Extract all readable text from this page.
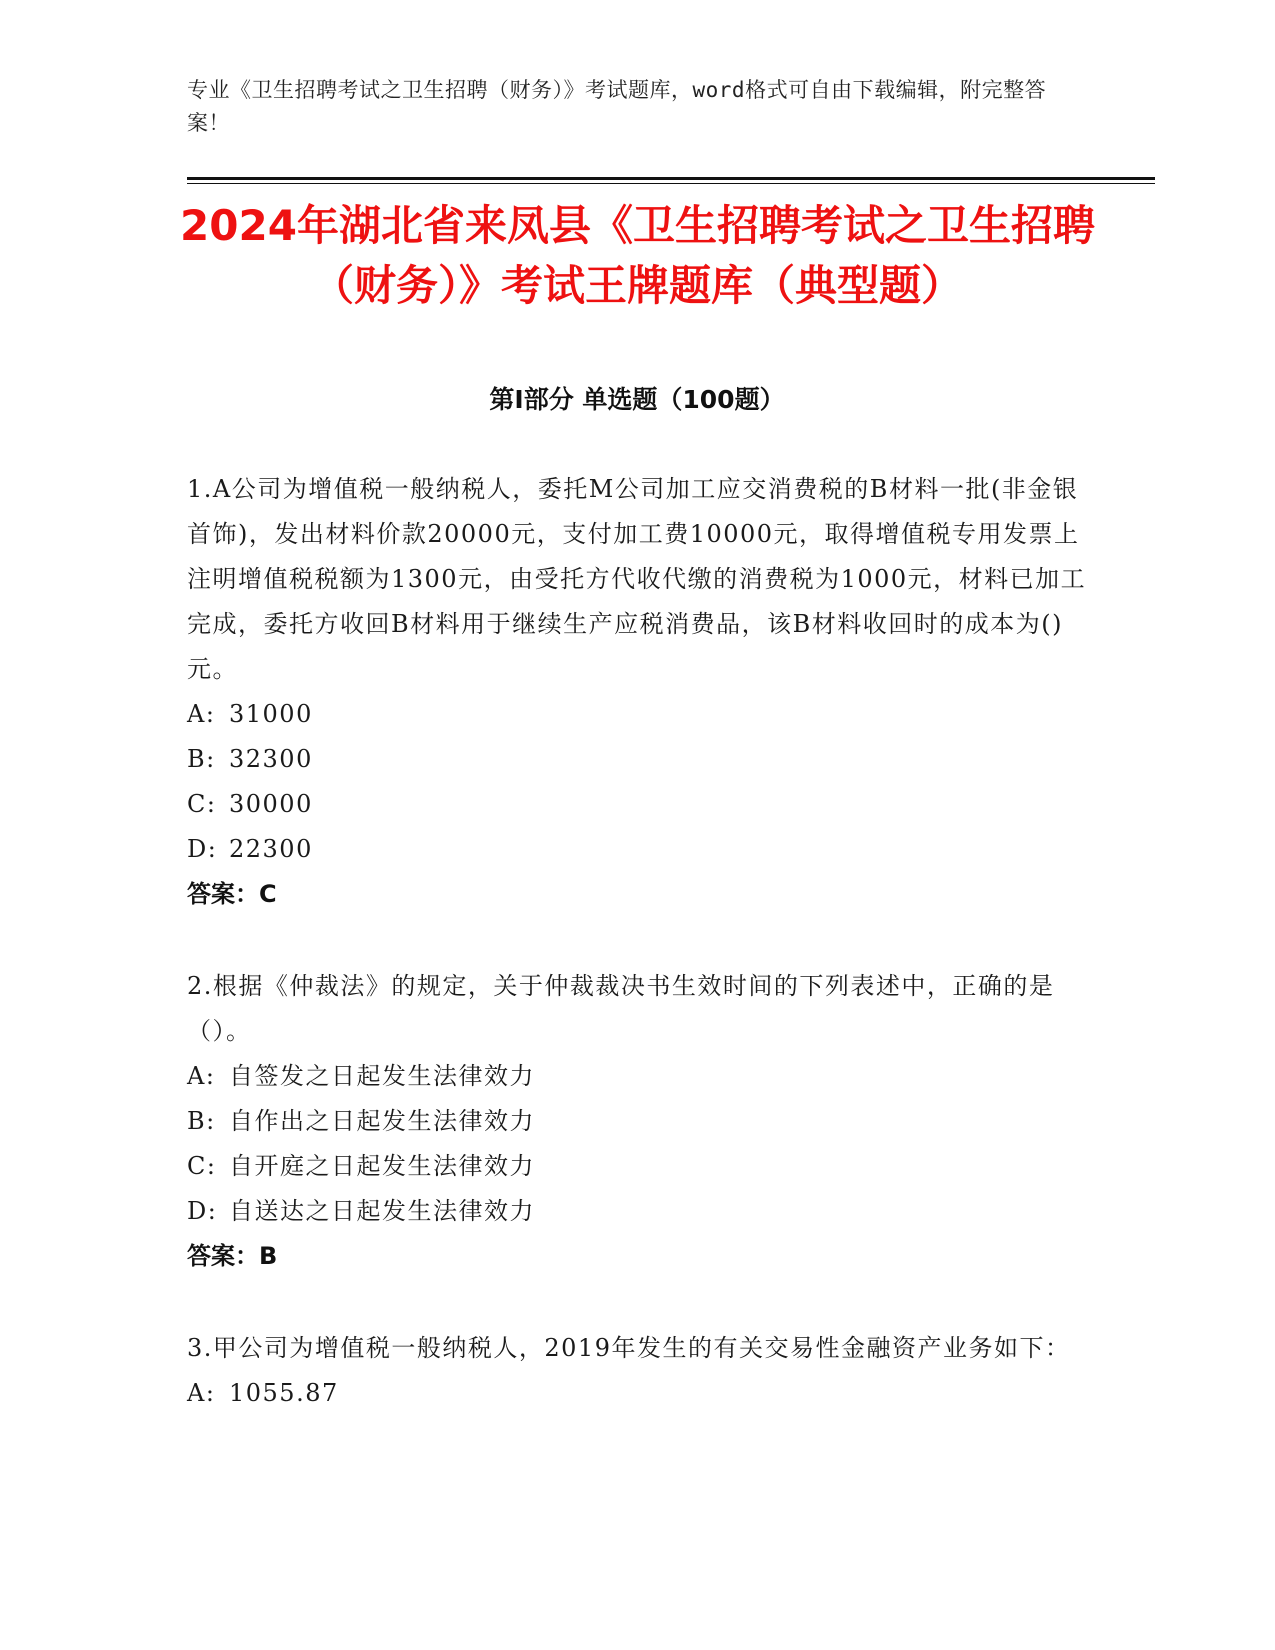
专业《卫生招聘考试之卫生招聘（财务）》考试题库，word格式可自由下载编辑，附完整答案！

2024年湖北省来凤县《卫生招聘考试之卫生招聘（财务）》考试王牌题库（典型题）
第Ⅰ部分 单选题（100题）

1.A公司为增值税一般纳税人，委托M公司加工应交消费税的B材料一批(非金银首饰)，发出材料价款20000元，支付加工费10000元，取得增值税专用发票上注明增值税税额为1300元，由受托方代收代缴的消费税为1000元，材料已加工完成，委托方收回B材料用于继续生产应税消费品，该B材料收回时的成本为()元。

A: 31000
B: 32300
C: 30000
D: 22300

答案：C

2.根据《仲裁法》的规定，关于仲裁裁决书生效时间的下列表述中，正确的是（）。

A: 自签发之日起发生法律效力
B: 自作出之日起发生法律效力
C: 自开庭之日起发生法律效力
D: 自送达之日起发生法律效力

答案：B

3.甲公司为增值税一般纳税人，2019年发生的有关交易性金融资产业务如下：

A: 1055.87
